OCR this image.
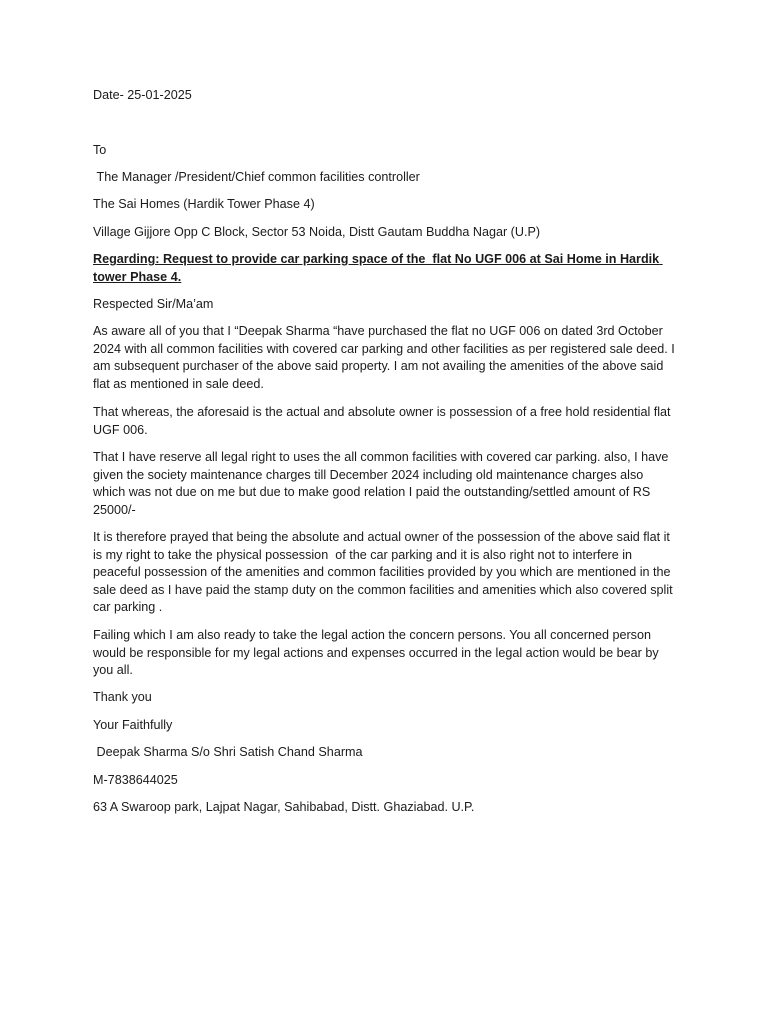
Date- 25-01-2025

To

The Manager /President/Chief common facilities controller

The Sai Homes (Hardik Tower Phase 4)

Village Gijjore Opp C Block, Sector 53 Noida, Distt Gautam Buddha Nagar (U.P)

Regarding: Request to provide car parking space of the  flat No UGF 006 at Sai Home in Hardik tower Phase 4.

Respected Sir/Ma’am

As aware all of you that I “Deepak Sharma “have purchased the flat no UGF 006 on dated 3rd October 2024 with all common facilities with covered car parking and other facilities as per registered sale deed. I am subsequent purchaser of the above said property. I am not availing the amenities of the above said flat as mentioned in sale deed.

That whereas, the aforesaid is the actual and absolute owner is possession of a free hold residential flat UGF 006.

That I have reserve all legal right to uses the all common facilities with covered car parking. also, I have given the society maintenance charges till December 2024 including old maintenance charges also which was not due on me but due to make good relation I paid the outstanding/settled amount of RS 25000/-

It is therefore prayed that being the absolute and actual owner of the possession of the above said flat it is my right to take the physical possession  of the car parking and it is also right not to interfere in peaceful possession of the amenities and common facilities provided by you which are mentioned in the sale deed as I have paid the stamp duty on the common facilities and amenities which also covered split car parking .

Failing which I am also ready to take the legal action the concern persons. You all concerned person would be responsible for my legal actions and expenses occurred in the legal action would be bear by you all.

Thank you

Your Faithfully

Deepak Sharma S/o Shri Satish Chand Sharma

M-7838644025

63 A Swaroop park, Lajpat Nagar, Sahibabad, Distt. Ghaziabad. U.P.
